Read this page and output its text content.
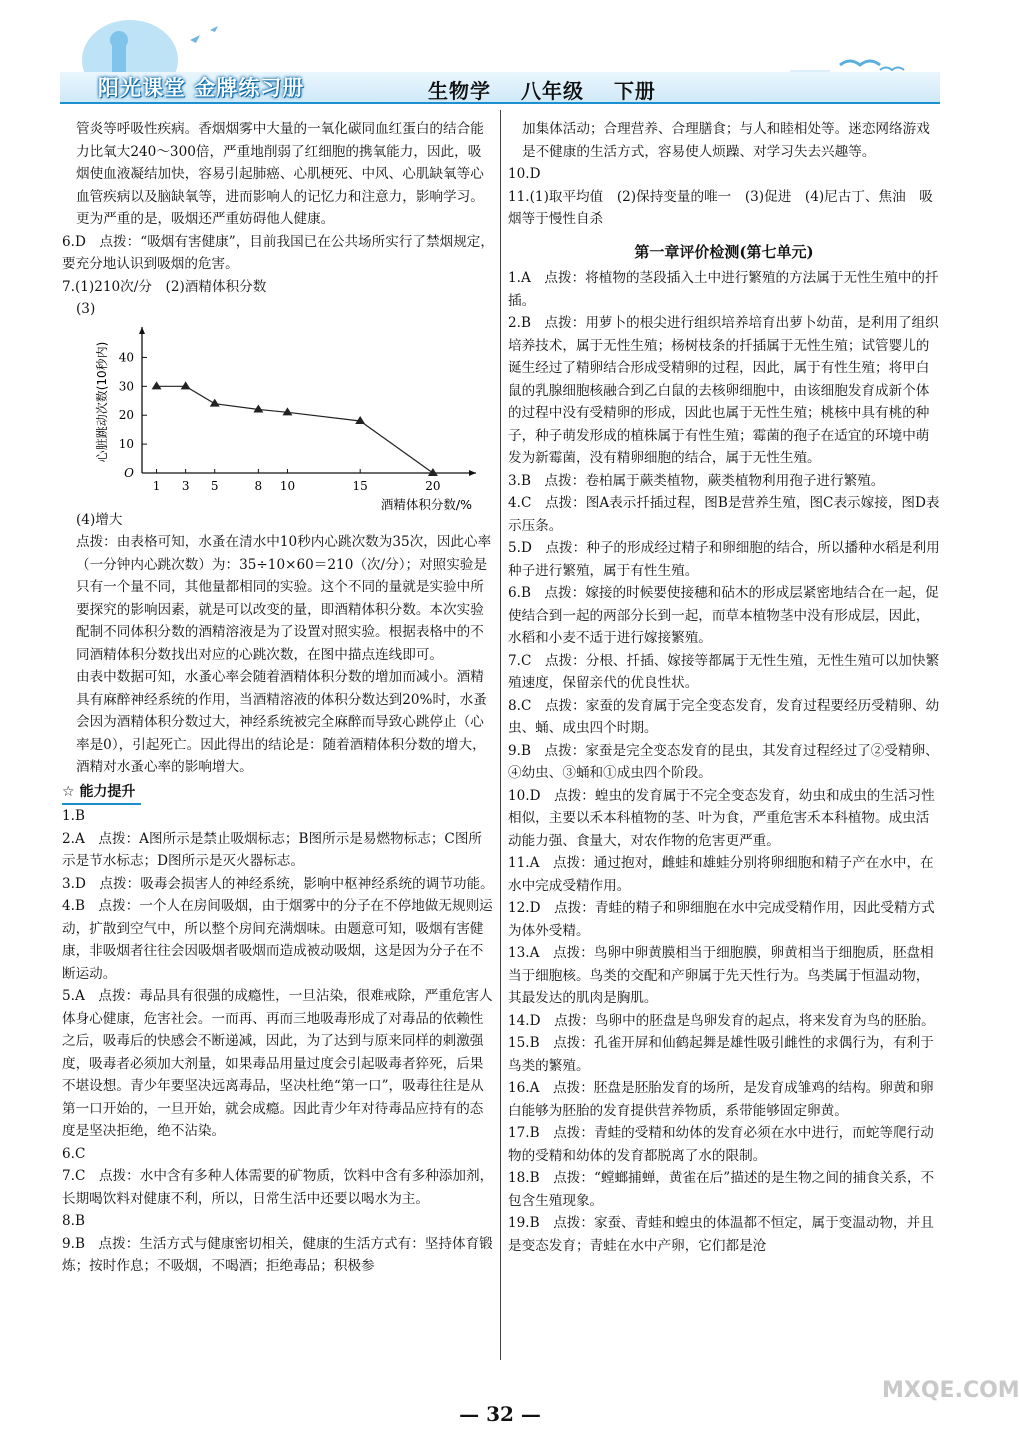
阳光课堂 金牌练习册	生物学 八年级 下册

管炎等呼吸性疾病。香烟烟雾中大量的一氧化碳同血红蛋白的结合能力比氧大240～300倍，严重地削弱了红细胞的携氧能力，因此，吸烟使血液凝结加快，容易引起肺癌、心肌梗死、中风、心肌缺氧等心血管疾病以及脑缺氧等，进而影响人的记忆力和注意力，影响学习。更为严重的是，吸烟还严重妨碍他人健康。

6.D　点拨：“吸烟有害健康”，目前我国已在公共场所实行了禁烟规定，要充分地认识到吸烟的危害。

7.(1)210次/分　(2)酒精体积分数

(3)

O
10
20
30
40
1 3 5	8 10	15	20
酒精体积分数/%
心脏跳动次数(10秒内)

(4)增大

点拨：由表格可知，水蚤在清水中10秒内心跳次数为35次，因此心率（一分钟内心跳次数）为：35÷10×60＝210（次/分）；对照实验是只有一个量不同，其他量都相同的实验。这个不同的量就是实验中所要探究的影响因素，就是可以改变的量，即酒精体积分数。本次实验配制不同体积分数的酒精溶液是为了设置对照实验。根据表格中的不同酒精体积分数找出对应的心跳次数，在图中描点连线即可。

由表中数据可知，水蚤心率会随着酒精体积分数的增加而减小。酒精具有麻醉神经系统的作用，当酒精溶液的体积分数达到20%时，水蚤会因为酒精体积分数过大，神经系统被完全麻醉而导致心跳停止（心率是0），引起死亡。因此得出的结论是：随着酒精体积分数的增大，酒精对水蚤心率的影响增大。

☆ 能力提升

1.B

2.A　点拨：A图所示是禁止吸烟标志；B图所示是易燃物标志；C图所示是节水标志；D图所示是灭火器标志。

3.D　点拨：吸毒会损害人的神经系统，影响中枢神经系统的调节功能。

4.B　点拨：一个人在房间吸烟，由于烟雾中的分子在不停地做无规则运动，扩散到空气中，所以整个房间充满烟味。由题意可知，吸烟有害健康，非吸烟者往往会因吸烟者吸烟而造成被动吸烟，这是因为分子在不断运动。

5.A　点拨：毒品具有很强的成瘾性，一旦沾染，很难戒除，严重危害人体身心健康，危害社会。一而再、再而三地吸毒形成了对毒品的依赖性之后，吸毒后的快感会不断递减，因此，为了达到与原来同样的刺激强度，吸毒者必须加大剂量，如果毒品用量过度会引起吸毒者猝死，后果不堪设想。青少年要坚决远离毒品，坚决杜绝“第一口”，吸毒往往是从第一口开始的，一旦开始，就会成瘾。因此青少年对待毒品应持有的态度是坚决拒绝，绝不沾染。

6.C

7.C　点拨：水中含有多种人体需要的矿物质，饮料中含有多种添加剂，长期喝饮料对健康不利，所以，日常生活中还要以喝水为主。

8.B

9.B　点拨：生活方式与健康密切相关，健康的生活方式有：坚持体育锻炼；按时作息；不吸烟，不喝酒；拒绝毒品；积极参

加集体活动；合理营养、合理膳食；与人和睦相处等。迷恋网络游戏是不健康的生活方式，容易使人烦躁、对学习失去兴趣等。

10.D

11.(1)取平均值　(2)保持变量的唯一　(3)促进　(4)尼古丁、焦油　吸烟等于慢性自杀

第一章评价检测(第七单元)

1.A　点拨：将植物的茎段插入土中进行繁殖的方法属于无性生殖中的扦插。

2.B　点拨：用萝卜的根尖进行组织培养培育出萝卜幼苗，是利用了组织培养技术，属于无性生殖；杨树枝条的扦插属于无性生殖；试管婴儿的诞生经过了精卵结合形成受精卵的过程，因此，属于有性生殖；将甲白鼠的乳腺细胞核融合到乙白鼠的去核卵细胞中，由该细胞发育成新个体的过程中没有受精卵的形成，因此也属于无性生殖；桃核中具有桃的种子，种子萌发形成的植株属于有性生殖；霉菌的孢子在适宜的环境中萌发为新霉菌，没有精卵细胞的结合，属于无性生殖。

3.B　点拨：卷柏属于蕨类植物，蕨类植物利用孢子进行繁殖。

4.C　点拨：图A表示扦插过程，图B是营养生殖，图C表示嫁接，图D表示压条。

5.D　点拨：种子的形成经过精子和卵细胞的结合，所以播种水稻是利用种子进行繁殖，属于有性生殖。

6.B　点拨：嫁接的时候要使接穗和砧木的形成层紧密地结合在一起，促使结合到一起的两部分长到一起，而草本植物茎中没有形成层，因此，水稻和小麦不适于进行嫁接繁殖。

7.C　点拨：分根、扦插、嫁接等都属于无性生殖，无性生殖可以加快繁殖速度，保留亲代的优良性状。

8.C　点拨：家蚕的发育属于完全变态发育，发育过程要经历受精卵、幼虫、蛹、成虫四个时期。

9.B　点拨：家蚕是完全变态发育的昆虫，其发育过程经过了②受精卵、④幼虫、③蛹和①成虫四个阶段。

10.D　点拨：蝗虫的发育属于不完全变态发育，幼虫和成虫的生活习性相似，主要以禾本科植物的茎、叶为食，严重危害禾本科植物。成虫活动能力强、食量大，对农作物的危害更严重。

11.A　点拨：通过抱对，雌蛙和雄蛙分别将卵细胞和精子产在水中，在水中完成受精作用。

12.D　点拨：青蛙的精子和卵细胞在水中完成受精作用，因此受精方式为体外受精。

13.A　点拨：鸟卵中卵黄膜相当于细胞膜，卵黄相当于细胞质，胚盘相当于细胞核。鸟类的交配和产卵属于先天性行为。鸟类属于恒温动物，其最发达的肌肉是胸肌。

14.D　点拨：鸟卵中的胚盘是鸟卵发育的起点，将来发育为鸟的胚胎。

15.B　点拨：孔雀开屏和仙鹤起舞是雄性吸引雌性的求偶行为，有利于鸟类的繁殖。

16.A　点拨：胚盘是胚胎发育的场所，是发育成雏鸡的结构。卵黄和卵白能够为胚胎的发育提供营养物质，系带能够固定卵黄。

17.B　点拨：青蛙的受精和幼体的发育必须在水中进行，而蛇等爬行动物的受精和幼体的发育都脱离了水的限制。

18.B　点拨：“螳螂捕蝉，黄雀在后”描述的是生物之间的捕食关系，不包含生殖现象。

19.B　点拨：家蚕、青蛙和蝗虫的体温都不恒定，属于变温动物，并且是变态发育；青蛙在水中产卵，它们都是沧

— 32 —
MXQE.COM
